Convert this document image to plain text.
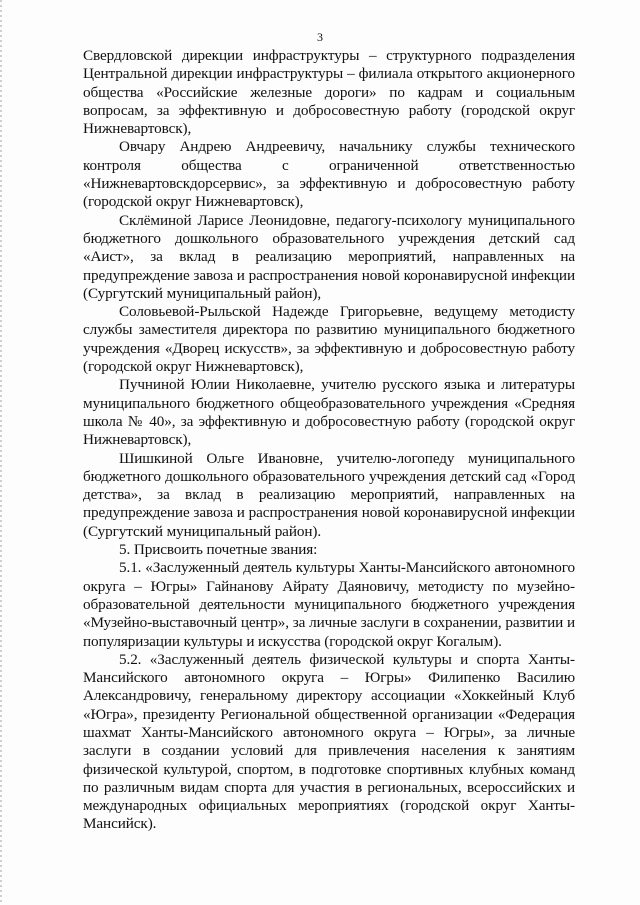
3

Свердловской дирекции инфраструктуры – структурного подразделения Центральной дирекции инфраструктуры – филиала открытого акционерного общества «Российские железные дороги» по кадрам и социальным вопросам, за эффективную и добросовестную работу (городской округ Нижневартовск),

Овчару Андрею Андреевичу, начальнику службы технического контроля общества с ограниченной ответственностью «Нижневартовскдорсервис», за эффективную и добросовестную работу (городской округ Нижневартовск),

Склёминой Ларисе Леонидовне, педагогу-психологу муниципального бюджетного дошкольного образовательного учреждения детский сад «Аист», за вклад в реализацию мероприятий, направленных на предупреждение завоза и распространения новой коронавирусной инфекции (Сургутский муниципальный район),

Соловьевой-Рыльской Надежде Григорьевне, ведущему методисту службы заместителя директора по развитию муниципального бюджетного учреждения «Дворец искусств», за эффективную и добросовестную работу (городской округ Нижневартовск),

Пучниной Юлии Николаевне, учителю русского языка и литературы муниципального бюджетного общеобразовательного учреждения «Средняя школа № 40», за эффективную и добросовестную работу (городской округ Нижневартовск),

Шишкиной Ольге Ивановне, учителю-логопеду муниципального бюджетного дошкольного образовательного учреждения детский сад «Город детства», за вклад в реализацию мероприятий, направленных на предупреждение завоза и распространения новой коронавирусной инфекции (Сургутский муниципальный район).

5. Присвоить почетные звания:

5.1. «Заслуженный деятель культуры Ханты-Мансийского автономного округа – Югры» Гайнанову Айрату Даяновичу, методисту по музейно-образовательной деятельности муниципального бюджетного учреждения «Музейно-выставочный центр», за личные заслуги в сохранении, развитии и популяризации культуры и искусства (городской округ Когалым).

5.2. «Заслуженный деятель физической культуры и спорта Ханты-Мансийского автономного округа – Югры» Филипенко Василию Александровичу, генеральному директору ассоциации «Хоккейный Клуб «Югра», президенту Региональной общественной организации «Федерация шахмат Ханты-Мансийского автономного округа – Югры», за личные заслуги в создании условий для привлечения населения к занятиям физической культурой, спортом, в подготовке спортивных клубных команд по различным видам спорта для участия в региональных, всероссийских и международных официальных мероприятиях (городской округ Ханты-Мансийск).
